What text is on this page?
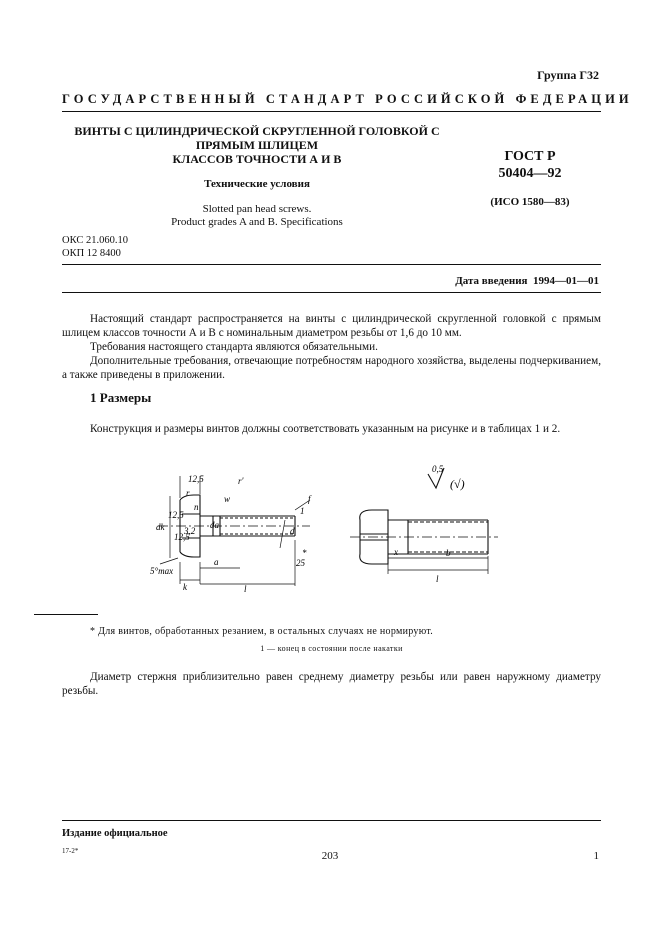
Группа Г32
ГОСУДАРСТВЕННЫЙ СТАНДАРТ РОССИЙСКОЙ ФЕДЕРАЦИИ
ВИНТЫ С ЦИЛИНДРИЧЕСКОЙ СКРУГЛЕННОЙ ГОЛОВКОЙ С
ПРЯМЫМ ШЛИЦЕМ
КЛАССОВ ТОЧНОСТИ А И В
Технические условия
Slotted pan head screws.
Product grades A and B. Specifications
ГОСТ Р
50404—92
(ИСО 1580—83)
ОКС 21.060.10
ОКП 12 8400
Дата введения 1994—01—01
Настоящий стандарт распространяется на винты с цилиндрической скругленной головкой с прямым шлицем классов точности А и В с номинальным диаметром резьбы от 1,6 до 10 мм.
Требования настоящего стандарта являются обязательными.
Дополнительные требования, отвечающие потребностям народного хозяйства, выделены подчеркиванием, а также приведены в приложении.
1 Размеры
Конструкция и размеры винтов должны соответствовать указанным на рисунке и в таблицах 1 и 2.
r
r'
w
da
dk	d
f
3,2
12,5
12,5
12,5
5°max
k
a
l
25
*
n	1
0,5
(√)
x	b
l
* Для винтов, обработанных резанием, в остальных случаях не нормируют.
1 — конец в состоянии после накатки
Диаметр стержня приблизительно равен среднему диаметру резьбы или равен наружному диаметру резьбы.
Издание официальное
17-2*	203	1
